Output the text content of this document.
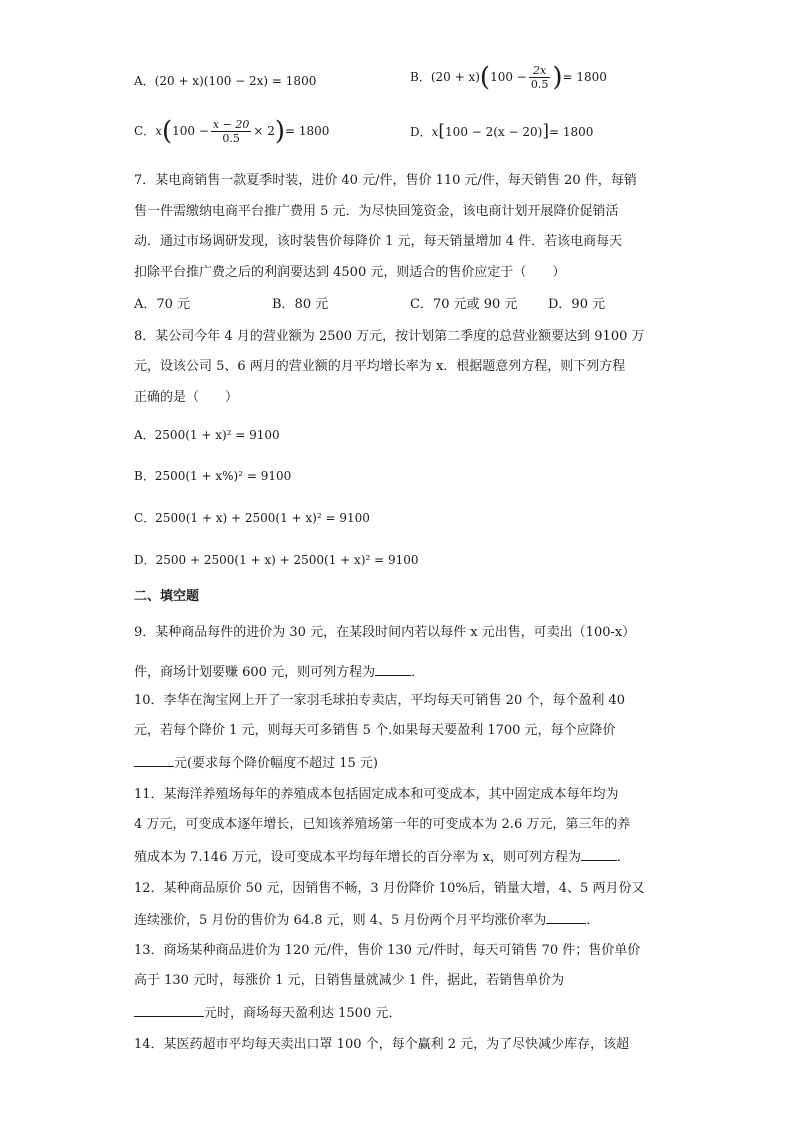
A．(20 + x)(100 − 2x) = 1800	B．$(20 + x)(100 - \frac{2x}{0.5}$ )= 1800
C．$x(100 - \frac{x - 20}{0.5} \times 2)= 1800$	D．x[100 − 2(x − 20)]= 1800
7．某电商销售一款夏季时装，进价 40 元/件，售价 110 元/件，每天销售 20 件，每销
售一件需缴纳电商平台推广费用 5 元．为尽快回笼资金，该电商计划开展降价促销活
动．通过市场调研发现，该时装售价每降价 1 元，每天销量增加 4 件．若该电商每天
扣除平台推广费之后的利润要达到 4500 元，则适合的售价应定于（　　）
A．70 元	B．80 元	C．70 元或 90 元 D．90 元
8．某公司今年 4 月的营业额为 2500 万元，按计划第二季度的总营业额要达到 9100 万
元，设该公司 5、6 两月的营业额的月平均增长率为 x．根据题意列方程，则下列方程
正确的是（　　）
A．2500(1 + x)² = 9100
B．2500(1 + x%)² = 9100
C．2500(1 + x) + 2500(1 + x)² = 9100
D．2500 + 2500(1 + x) + 2500(1 + x)² = 9100
二、填空题
9．某种商品每件的进价为 30 元，在某段时间内若以每件 x 元出售，可卖出（100-x）
件，商场计划要赚 600 元，则可列方程为	．
10．李华在淘宝网上开了一家羽毛球拍专卖店，平均每天可销售 20 个，每个盈利 40
元，若每个降价 1 元，则每天可多销售 5 个.如果每天要盈利 1700 元，每个应降价
元(要求每个降价幅度不超过 15 元)
11．某海洋养殖场每年的养殖成本包括固定成本和可变成本，其中固定成本每年均为
4 万元，可变成本逐年增长，已知该养殖场第一年的可变成本为 2.6 万元，第三年的养
殖成本为 7.146 万元，设可变成本平均每年增长的百分率为 x，则可列方程为	．
12．某种商品原价 50 元，因销售不畅，3 月份降价 10%后，销量大增，4、5 两月份又
连续涨价，5 月份的售价为 64.8 元，则 4、5 月份两个月平均涨价率为	．
13．商场某种商品进价为 120 元/件，售价 130 元/件时，每天可销售 70 件；售价单价
高于 130 元时，每涨价 1 元，日销售量就减少 1 件，据此，若销售单价为
元时，商场每天盈利达 1500 元．
14．某医药超市平均每天卖出口罩 100 个，每个赢利 2 元，为了尽快减少库存，该超
